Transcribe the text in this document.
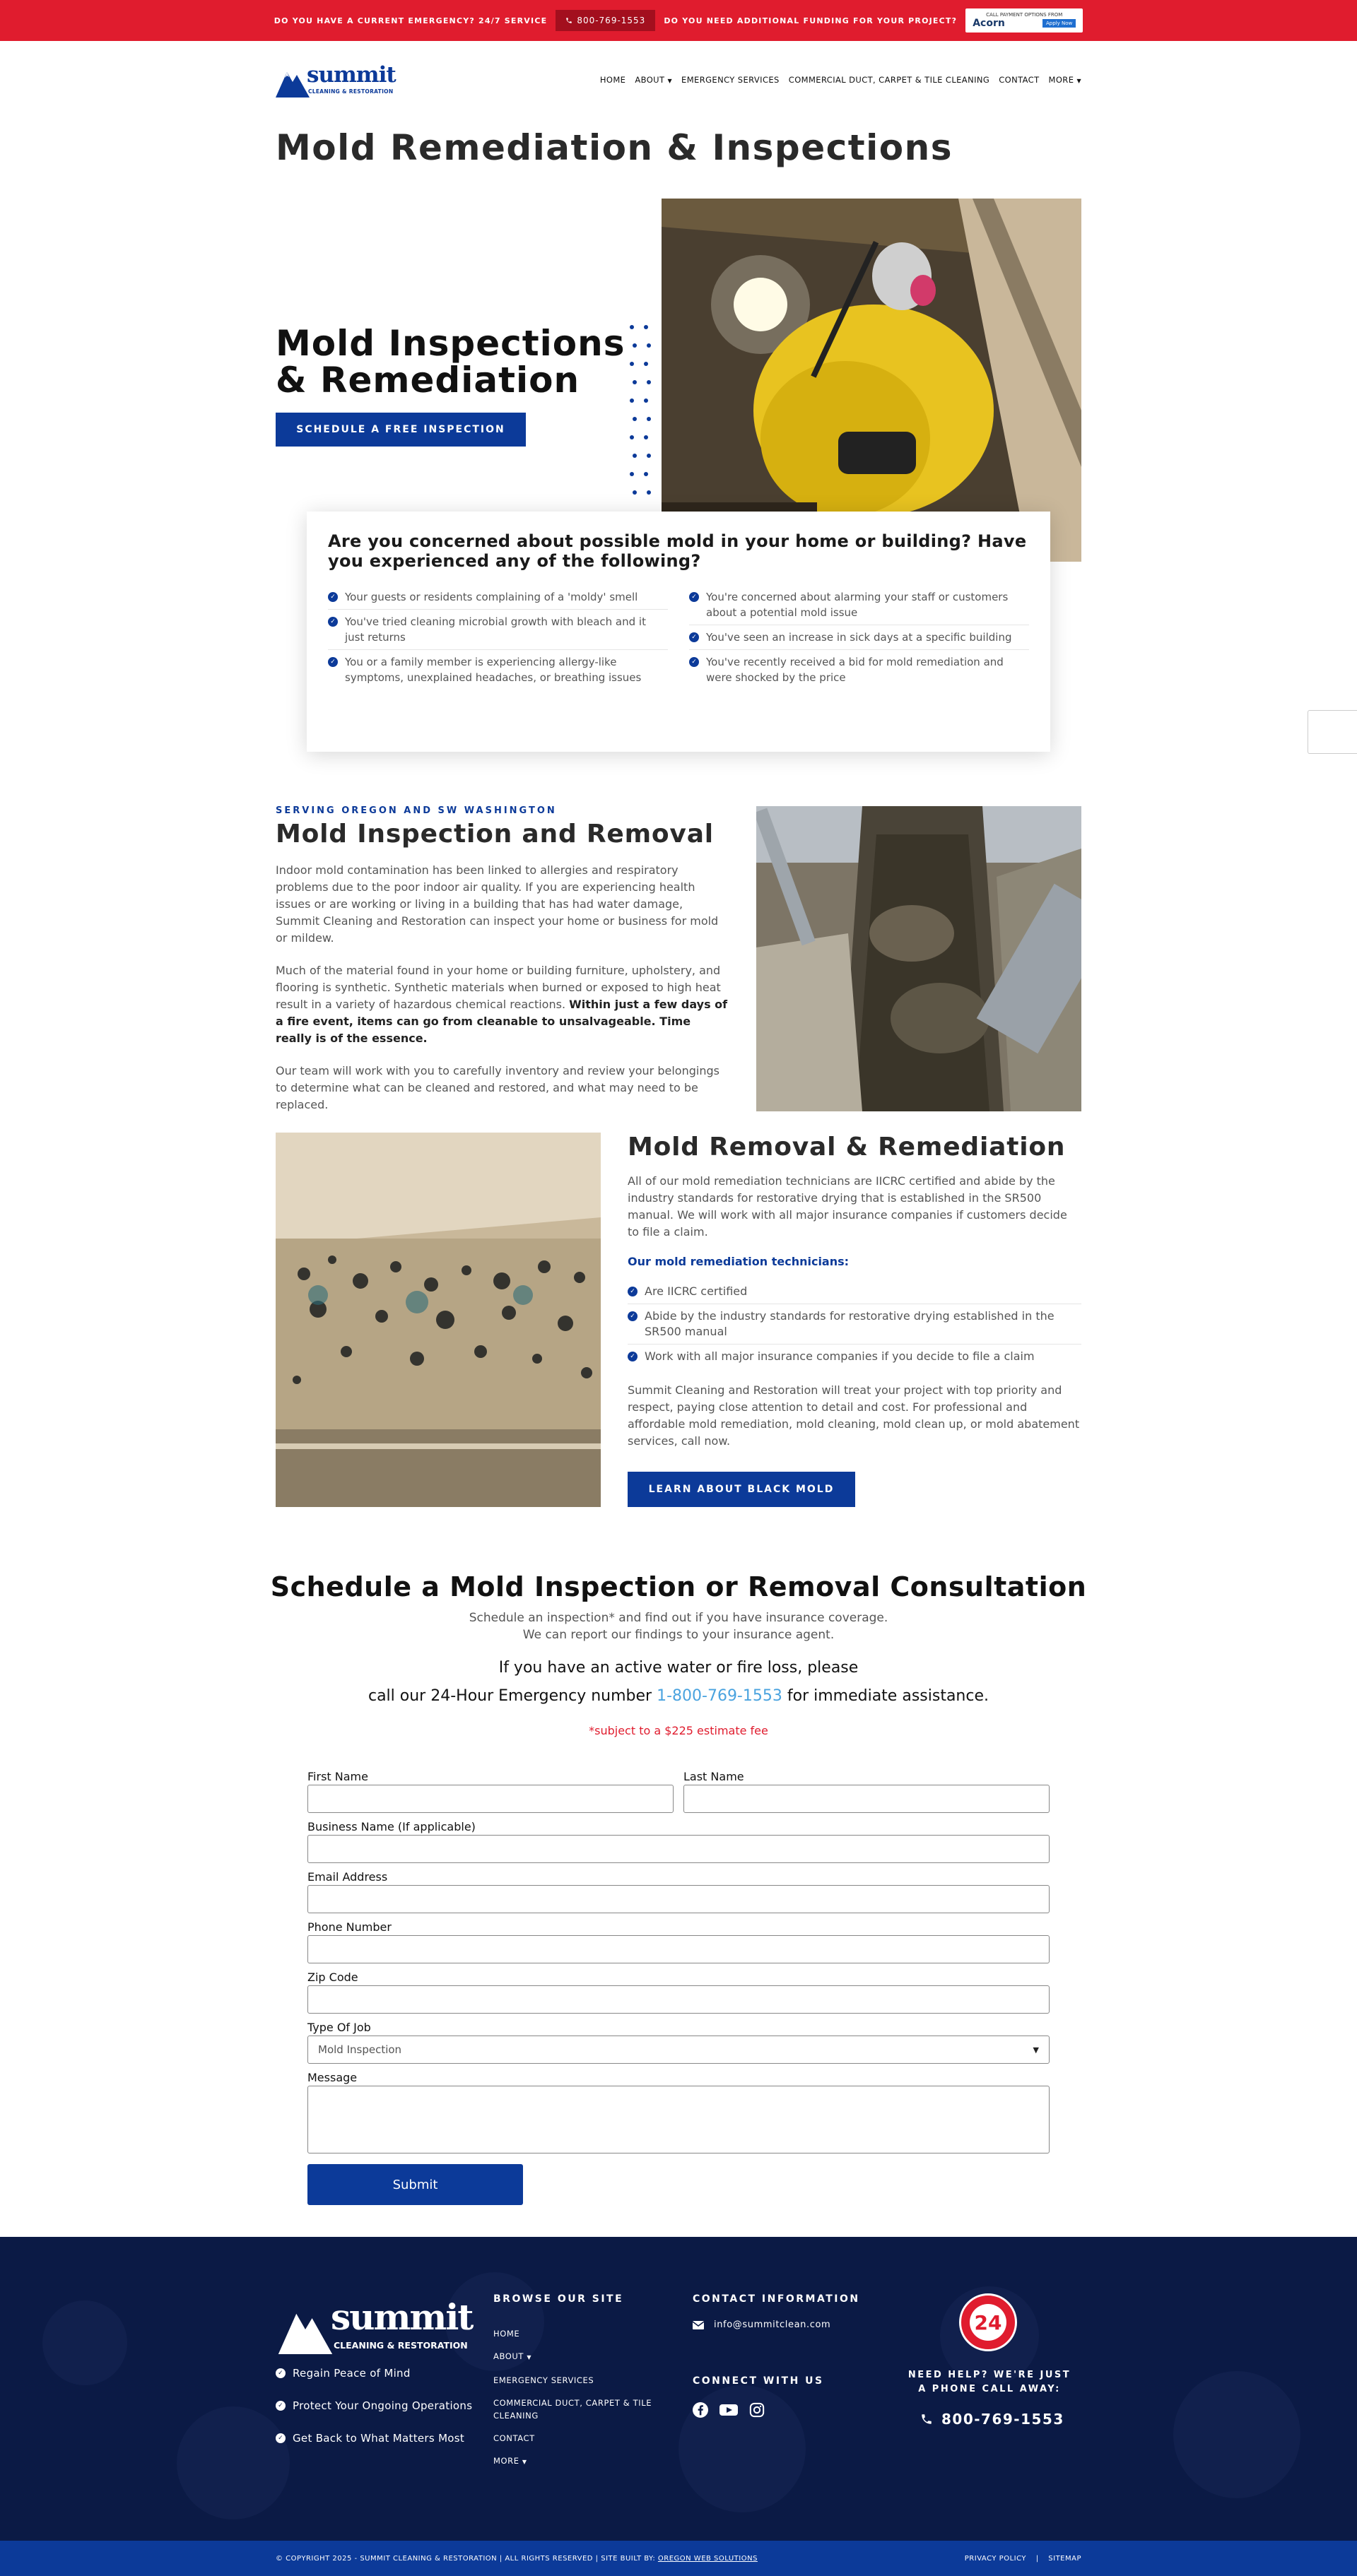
DO YOU HAVE A CURRENT EMERGENCY? 24/7 SERVICE	800-769-1553 DO YOU NEED ADDITIONAL FUNDING FOR YOUR PROJECT?
CALL PAYMENT OPTIONS FROM
Acorn	Apply Now
summit
CLEANING & RESTORATION
HOME ABOUT ▼ EMERGENCY SERVICES COMMERCIAL DUCT, CARPET & TILE CLEANING CONTACT MORE ▼
Mold Remediation & Inspections
Mold Inspections
& Remediation
SCHEDULE A FREE INSPECTION
Are you concerned about possible mold in your home or building? Have you experienced any of the following?
✓ Your guests or residents complaining of a 'moldy' smell
✓ You've tried cleaning microbial growth with bleach and it just returns
✓ You or a family member is experiencing allergy-like symptoms, unexplained headaches, or breathing issues
✓ You're concerned about alarming your staff or customers about a potential mold issue
✓ You've seen an increase in sick days at a specific building
✓ You've recently received a bid for mold remediation and were shocked by the price
SERVING OREGON AND SW WASHINGTON
Mold Inspection and Removal

Indoor mold contamination has been linked to allergies and respiratory problems due to the poor indoor air quality. If you are experiencing health issues or are working or living in a building that has had water damage, Summit Cleaning and Restoration can inspect your home or business for mold or mildew.

Much of the material found in your home or building furniture, upholstery, and flooring is synthetic. Synthetic materials when burned or exposed to high heat result in a variety of hazardous chemical reactions. Within just a few days of a fire event, items can go from cleanable to unsalvageable. Time really is of the essence.

Our team will work with you to carefully inventory and review your belongings to determine what can be cleaned and restored, and what may need to be replaced.

Mold Removal & Remediation

All of our mold remediation technicians are IICRC certified and abide by the industry standards for restorative drying that is established in the SR500 manual. We will work with all major insurance companies if customers decide to file a claim.

Our mold remediation technicians:
✓ Are IICRC certified
✓ Abide by the industry standards for restorative drying established in the SR500 manual
✓ Work with all major insurance companies if you decide to file a claim

Summit Cleaning and Restoration will treat your project with top priority and respect, paying close attention to detail and cost. For professional and affordable mold remediation, mold cleaning, mold clean up, or mold abatement services, call now.

LEARN ABOUT BLACK MOLD
Schedule a Mold Inspection or Removal Consultation
Schedule an inspection* and find out if you have insurance coverage.
We can report our findings to your insurance agent.
If you have an active water or fire loss, please
call our 24-Hour Emergency number 1-800-769-1553 for immediate assistance.
*subject to a $225 estimate fee
First Name	Last Name
Business Name (If applicable)
Email Address
Phone Number
Zip Code
Type Of Job
Mold Inspection	▼
Message
Submit
summit
CLEANING & RESTORATION
✓ Regain Peace of Mind
✓ Protect Your Ongoing Operations
✓ Get Back to What Matters Most
BROWSE OUR SITE
HOME
ABOUT ▼
EMERGENCY SERVICES
COMMERCIAL DUCT, CARPET & TILE CLEANING
CONTACT
MORE ▼
CONTACT INFORMATION
info@summitclean.com
CONNECT WITH US
24
NEED HELP? WE'RE JUST
A PHONE CALL AWAY:
800-769-1553
© COPYRIGHT 2025 - SUMMIT CLEANING & RESTORATION | ALL RIGHTS RESERVED | SITE BUILT BY: OREGON WEB SOLUTIONS	PRIVACY POLICY | SITEMAP
